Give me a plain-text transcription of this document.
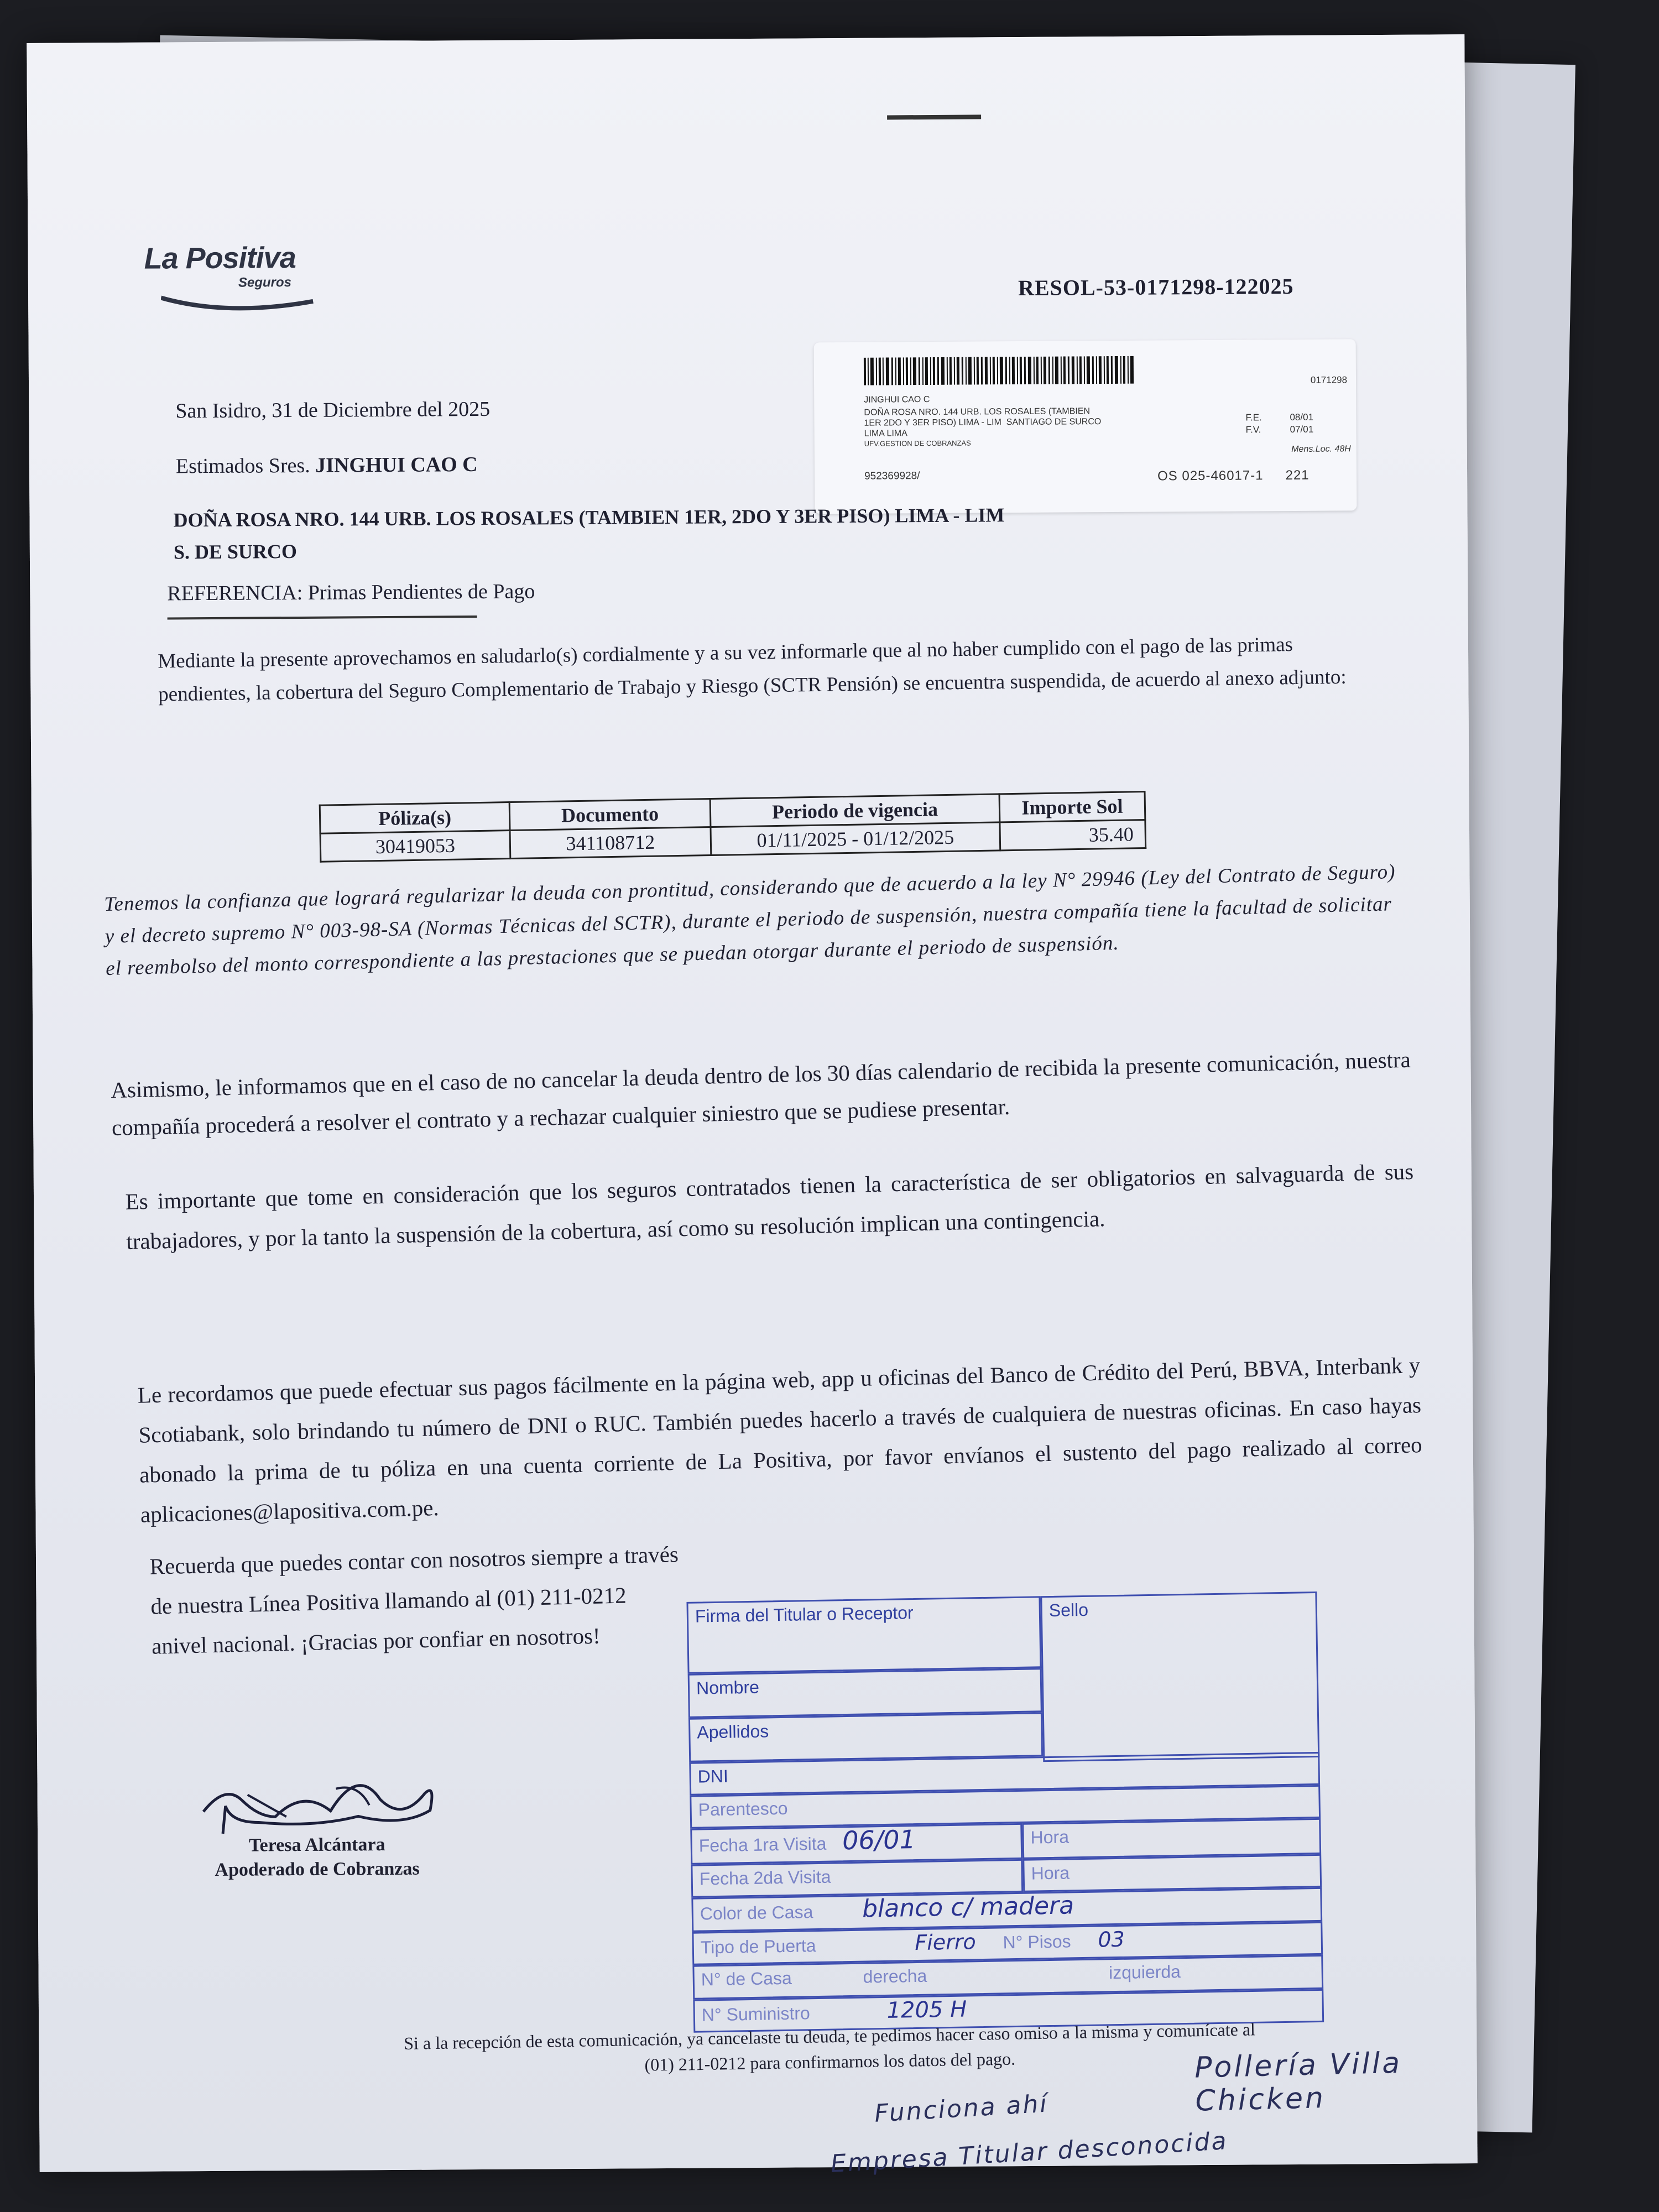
La Positiva
Seguros	RESOL-53-0171298-122025
0171298
JINGHUI CAO C
DOÑA ROSA NRO. 144 URB. LOS ROSALES (TAMBIEN
1ER 2DO Y 3ER PISO) LIMA - LIM  SANTIAGO DE SURCO
LIMA LIMA
UFV.GESTION DE COBRANZAS
F.E.	08/01
F.V.	07/01
Mens.Loc. 48H
952369928/	OS 025-46017-1 221
San Isidro, 31 de Diciembre del 2025
Estimados Sres. JINGHUI CAO C
DOÑA ROSA NRO. 144 URB. LOS ROSALES (TAMBIEN 1ER, 2DO Y 3ER PISO) LIMA - LIM
S. DE SURCO
REFERENCIA: Primas Pendientes de Pago
Mediante la presente aprovechamos en saludarlo(s) cordialmente y a su vez informarle que al no haber cumplido con el pago de las primas pendientes, la cobertura del Seguro Complementario de Trabajo y Riesgo (SCTR Pensión) se encuentra suspendida, de acuerdo al anexo adjunto:
Póliza(s)	Documento	Periodo de vigencia	Importe Sol
30419053	341108712	01/11/2025 - 01/12/2025	35.40
Tenemos la confianza que logrará regularizar la deuda con prontitud, considerando que de acuerdo a la ley N° 29946 (Ley del Contrato de Seguro) y el decreto supremo N° 003-98-SA (Normas Técnicas del SCTR), durante el periodo de suspensión, nuestra compañía tiene la facultad de solicitar el reembolso del monto correspondiente a las prestaciones que se puedan otorgar durante el periodo de suspensión.
Asimismo, le informamos que en el caso de no cancelar la deuda dentro de los 30 días calendario de recibida la presente comunicación, nuestra compañía procederá a resolver el contrato y a rechazar cualquier siniestro que se pudiese presentar.
Es importante que tome en consideración que los seguros contratados tienen la característica de ser obligatorios en salvaguarda de sus trabajadores, y por la tanto la suspensión de la cobertura, así como su resolución implican una contingencia.
Le recordamos que puede efectuar sus pagos fácilmente en la página web, app u oficinas del Banco de Crédito del Perú, BBVA, Interbank y Scotiabank, solo brindando tu número de DNI o RUC. También puedes hacerlo a través de cualquiera de nuestras oficinas. En caso hayas abonado la prima de tu póliza en una cuenta corriente de La Positiva, por favor envíanos el sustento del pago realizado al correo aplicaciones@lapositiva.com.pe.
Recuerda que puedes contar con nosotros siempre a través de nuestra Línea Positiva llamando al (01) 211-0212 anivel nacional. ¡Gracias por confiar en nosotros!
Teresa Alcántara
Apoderado de Cobranzas
Firma del Titular o Receptor	Sello
Nombre
Apellidos
DNI
Parentesco
Fecha 1ra Visita 06/01	Hora
Fecha 2da Visita	Hora
Color de Casa blanco c/ madera
Tipo de Puerta	Fierro N° Pisos 03
N° de Casa	derecha	izquierda
N° Suministro	1205 H
Si a la recepción de esta comunicación, ya cancelaste tu deuda, te pedimos hacer caso omiso a la misma y comunícate al
(01) 211-0212 para confirmarnos los datos del pago.	Pollería Villa Chicken
Funciona ahí
Empresa Titular desconocida
